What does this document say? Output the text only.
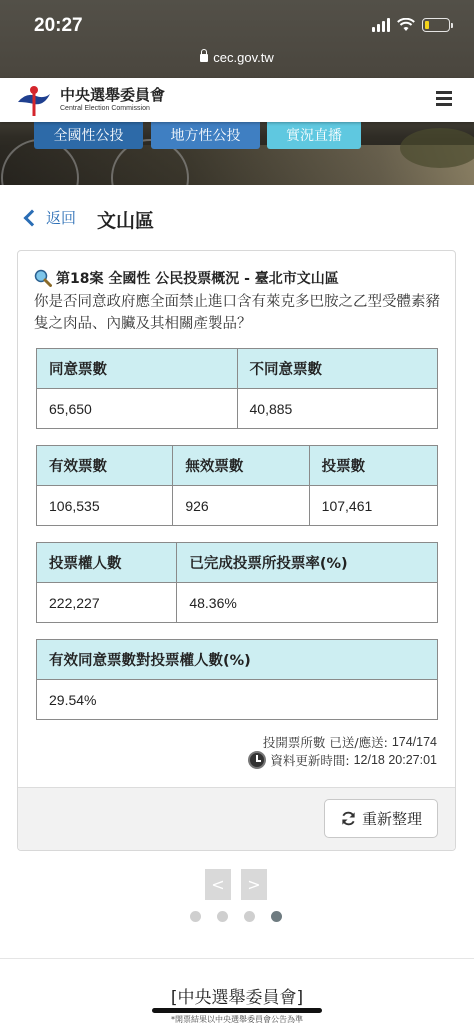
20:27
cec.gov.tw
全國性公投	地方性公投	實況直播
中央選舉委員會
Central Election Commission
返回 文山區
第18案 全國性 公民投票概況 - 臺北市文山區
你是否同意政府應全面禁止進口含有萊克多巴胺之乙型受體素豬隻之肉品、內臟及其相關產製品？
同意票數	不同意票數
65,650	40,885
有效票數	無效票數	投票數
106,535	926	107,461
投票權人數	已完成投票所投票率(%)
222,227	48.36%
有效同意票數對投票權人數(%)
29.54%
投開票所數 已送/應送:
174/174
資料更新時間:
12/18 20:27:01
重新整理
<	>
[中央選舉委員會]
*開票結果以中央選舉委員會公告為準
